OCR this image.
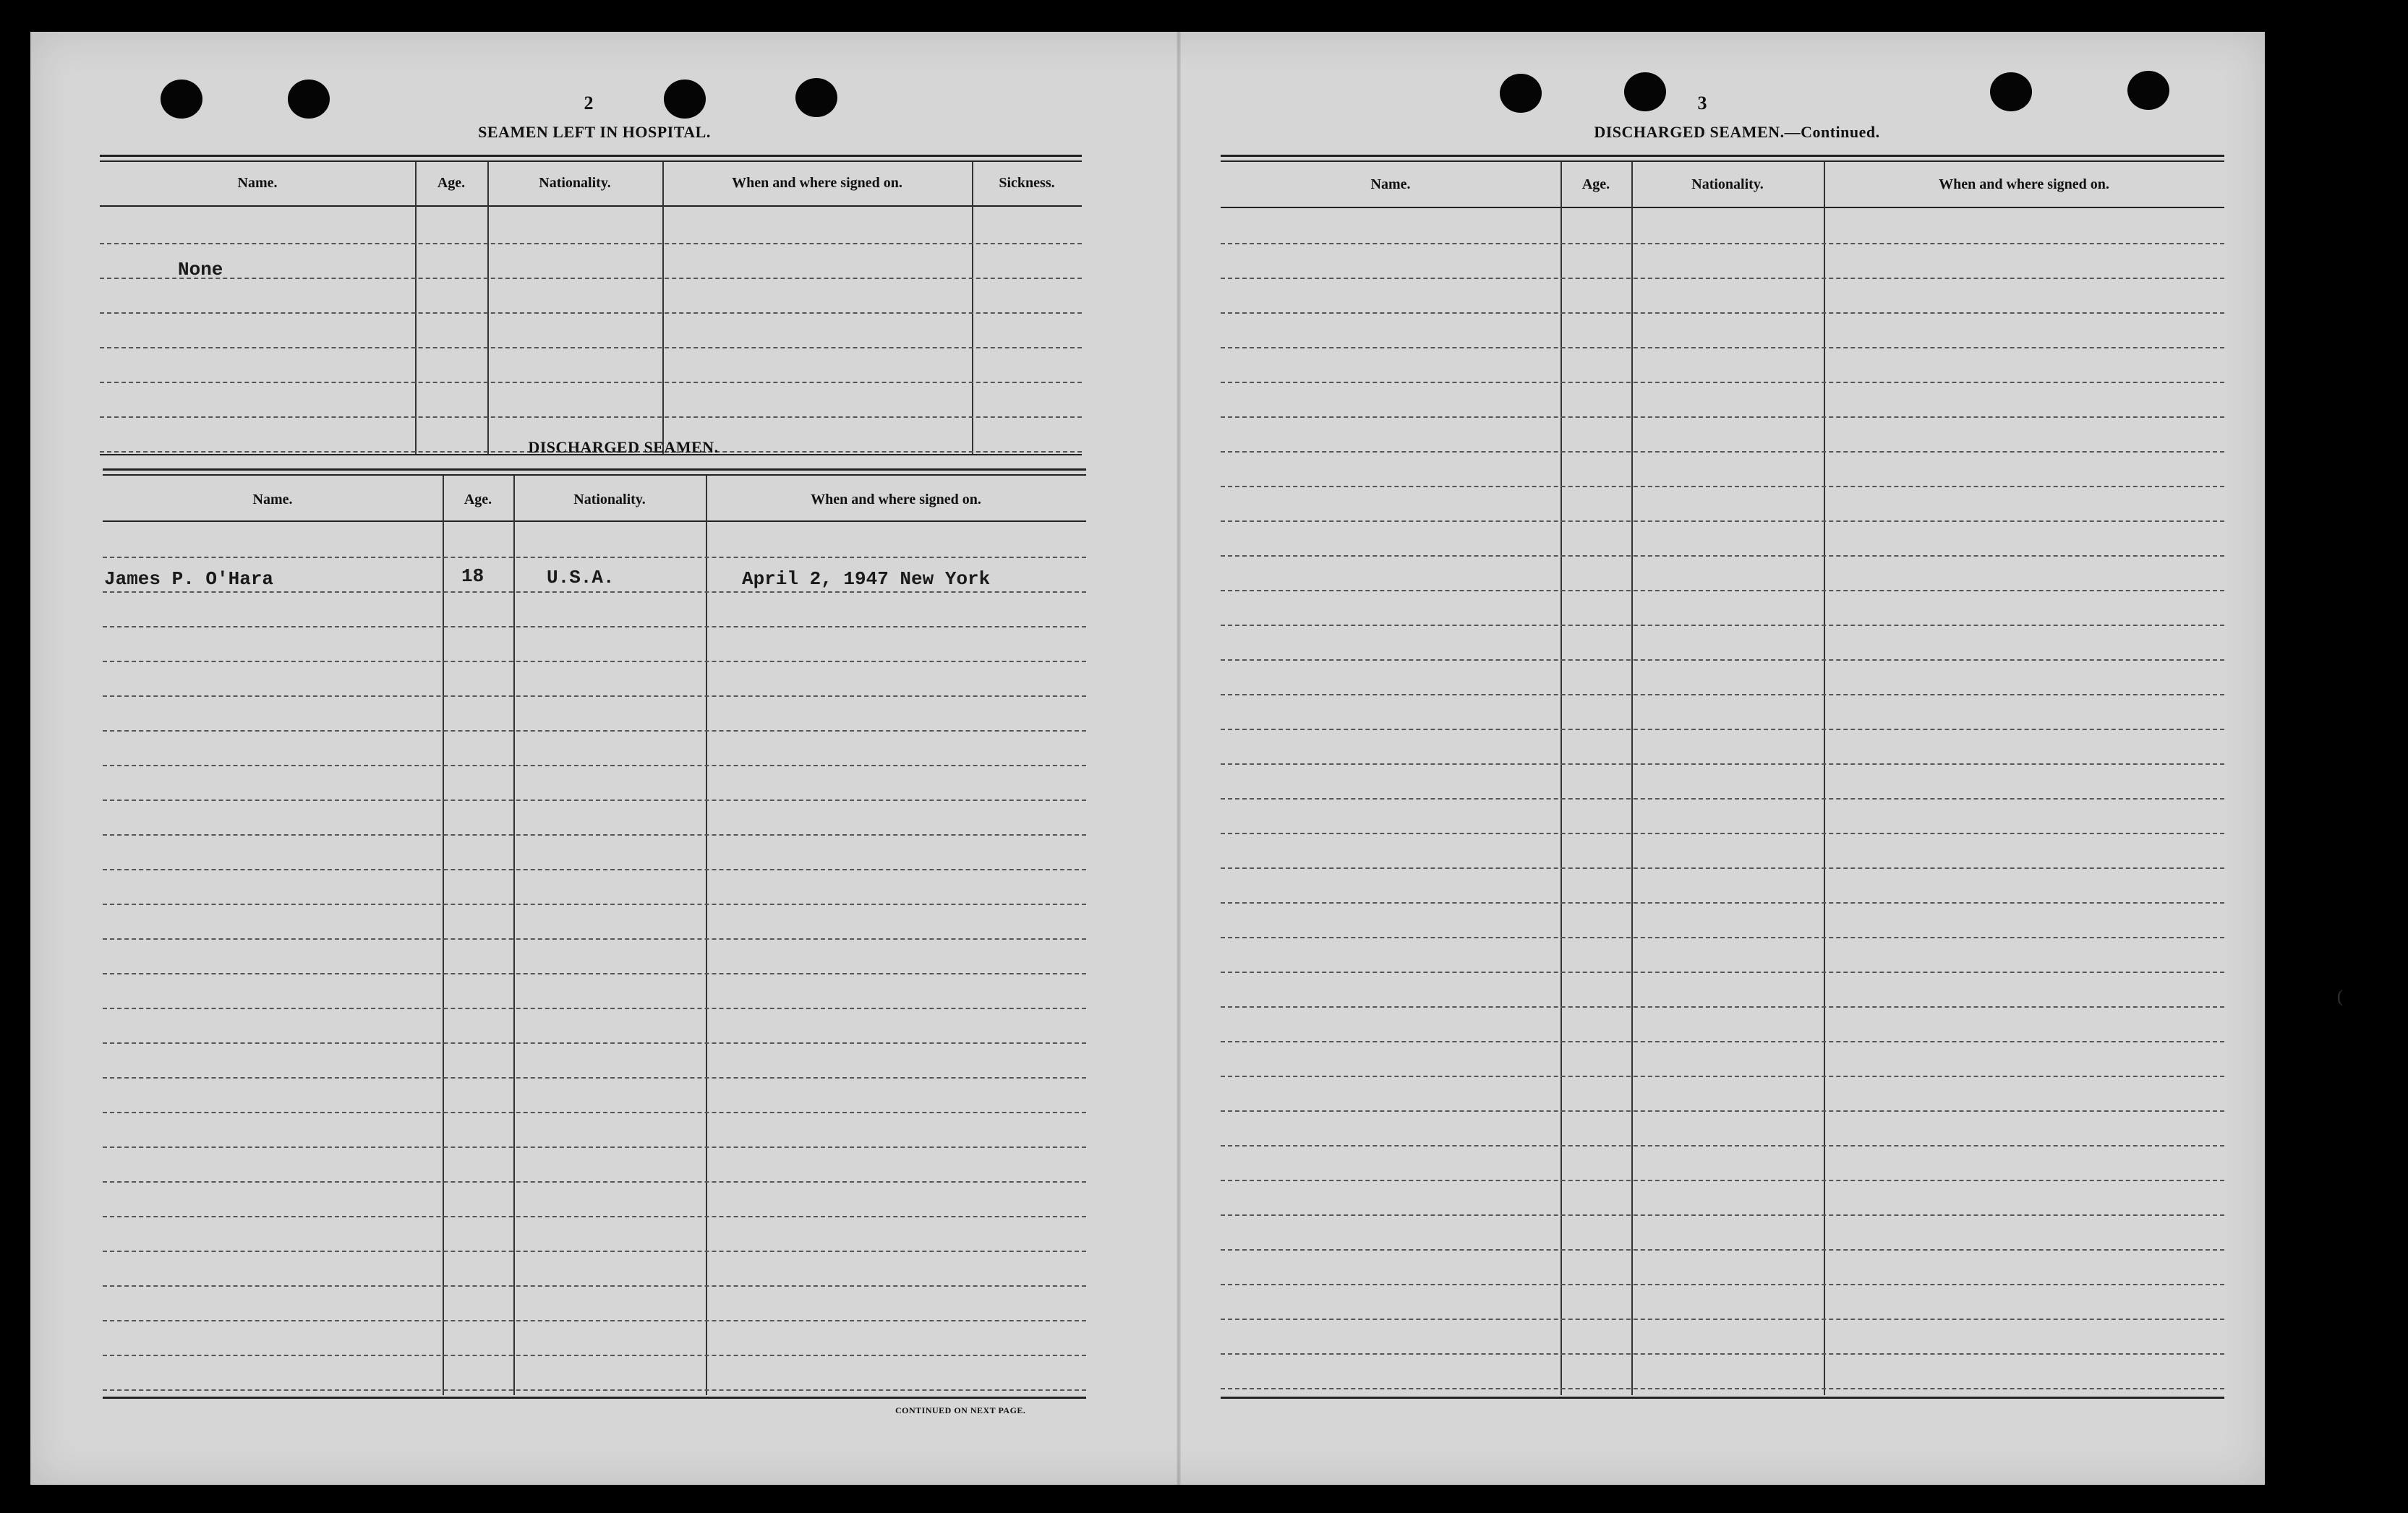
2
SEAMEN LEFT IN HOSPITAL.
Name.	Age.	Nationality.	When and where signed on.	Sickness.
None
DISCHARGED SEAMEN.
Name.	Age.	Nationality.	When and where signed on.
James P. O'Hara	18	U.S.A.	April 2, 1947 New York
CONTINUED ON NEXT PAGE.
3
DISCHARGED SEAMEN.—Continued.
Name.	Age.	Nationality.	When and where signed on.
(
